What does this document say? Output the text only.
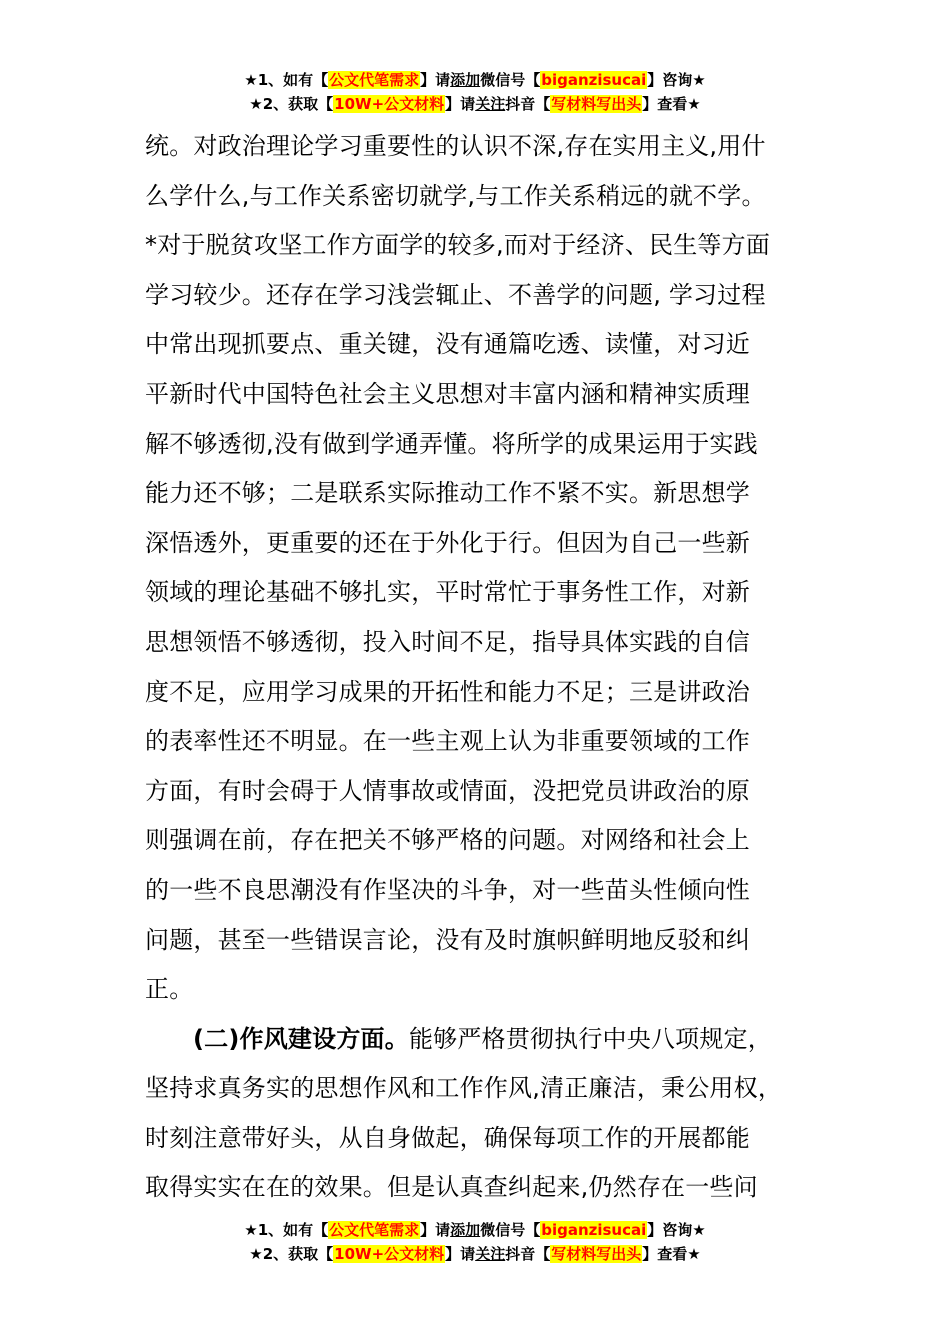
★1、如有【公文代笔需求】请添加微信号【biganzisucai】咨询★
★2、获取【10W+公文材料】请关注抖音【写材料写出头】查看★
统。对政治理论学习重要性的认识不深,存在实用主义,用什
么学什么,与工作关系密切就学,与工作关系稍远的就不学。
*对于脱贫攻坚工作方面学的较多,而对于经济、民生等方面
学习较少。还存在学习浅尝辄止、不善学的问题, 学习过程
中常出现抓要点、重关键，没有通篇吃透、读懂，对习近
平新时代中国特色社会主义思想对丰富内涵和精神实质理
解不够透彻,没有做到学通弄懂。将所学的成果运用于实践
能力还不够；二是联系实际推动工作不紧不实。新思想学
深悟透外，更重要的还在于外化于行。但因为自己一些新
领域的理论基础不够扎实，平时常忙于事务性工作，对新
思想领悟不够透彻，投入时间不足，指导具体实践的自信
度不足，应用学习成果的开拓性和能力不足；三是讲政治
的表率性还不明显。在一些主观上认为非重要领域的工作
方面，有时会碍于人情事故或情面，没把党员讲政治的原
则强调在前，存在把关不够严格的问题。对网络和社会上
的一些不良思潮没有作坚决的斗争，对一些苗头性倾向性
问题，甚至一些错误言论，没有及时旗帜鲜明地反驳和纠
正。
(二)作风建设方面。能够严格贯彻执行中央八项规定，
坚持求真务实的思想作风和工作作风,清正廉洁，秉公用权，
时刻注意带好头，从自身做起，确保每项工作的开展都能
取得实实在在的效果。但是认真查纠起来,仍然存在一些问
★1、如有【公文代笔需求】请添加微信号【biganzisucai】咨询★
★2、获取【10W+公文材料】请关注抖音【写材料写出头】查看★
